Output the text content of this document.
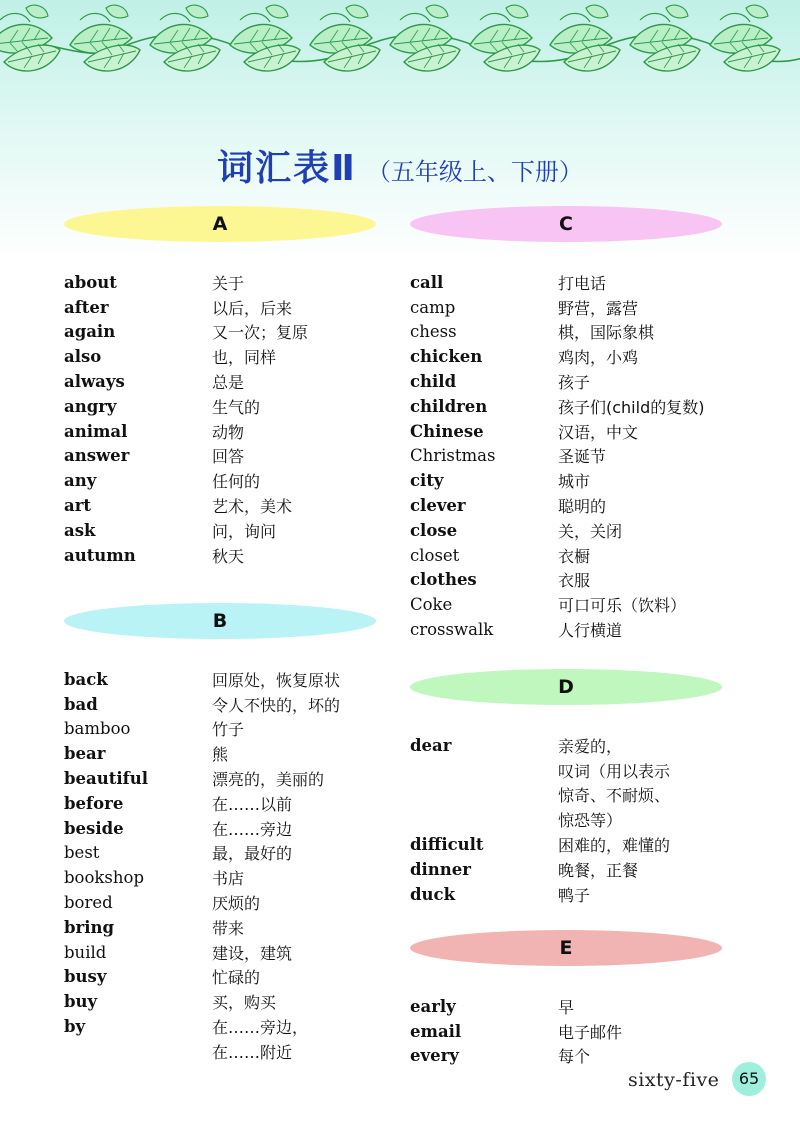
词汇表Ⅱ （五年级上、下册）
A
about	关于
after	以后，后来
again	又一次；复原
also	也，同样
always	总是
angry	生气的
animal	动物
answer	回答
any	任何的
art	艺术，美术
ask	问，询问
autumn	秋天
B
back	回原处，恢复原状
bad	令人不快的，坏的
bamboo	竹子
bear	熊
beautiful	漂亮的，美丽的
before	在……以前
beside	在……旁边
best	最，最好的
bookshop	书店
bored	厌烦的
bring	带来
build	建设，建筑
busy	忙碌的
buy	买，购买
by	在……旁边，
在……附近
C
call	打电话
camp	野营，露营
chess	棋，国际象棋
chicken	鸡肉，小鸡
child	孩子
children	孩子们(child的复数)
Chinese	汉语，中文
Christmas	圣诞节
city	城市
clever	聪明的
close	关，关闭
closet	衣橱
clothes	衣服
Coke	可口可乐（饮料）
crosswalk	人行横道
D
dear	亲爱的，
叹词（用以表示
惊奇、不耐烦、
惊恐等）
difficult	困难的，难懂的
dinner	晚餐，正餐
duck	鸭子
E
early	早
email	电子邮件
every	每个
sixty-five	65
